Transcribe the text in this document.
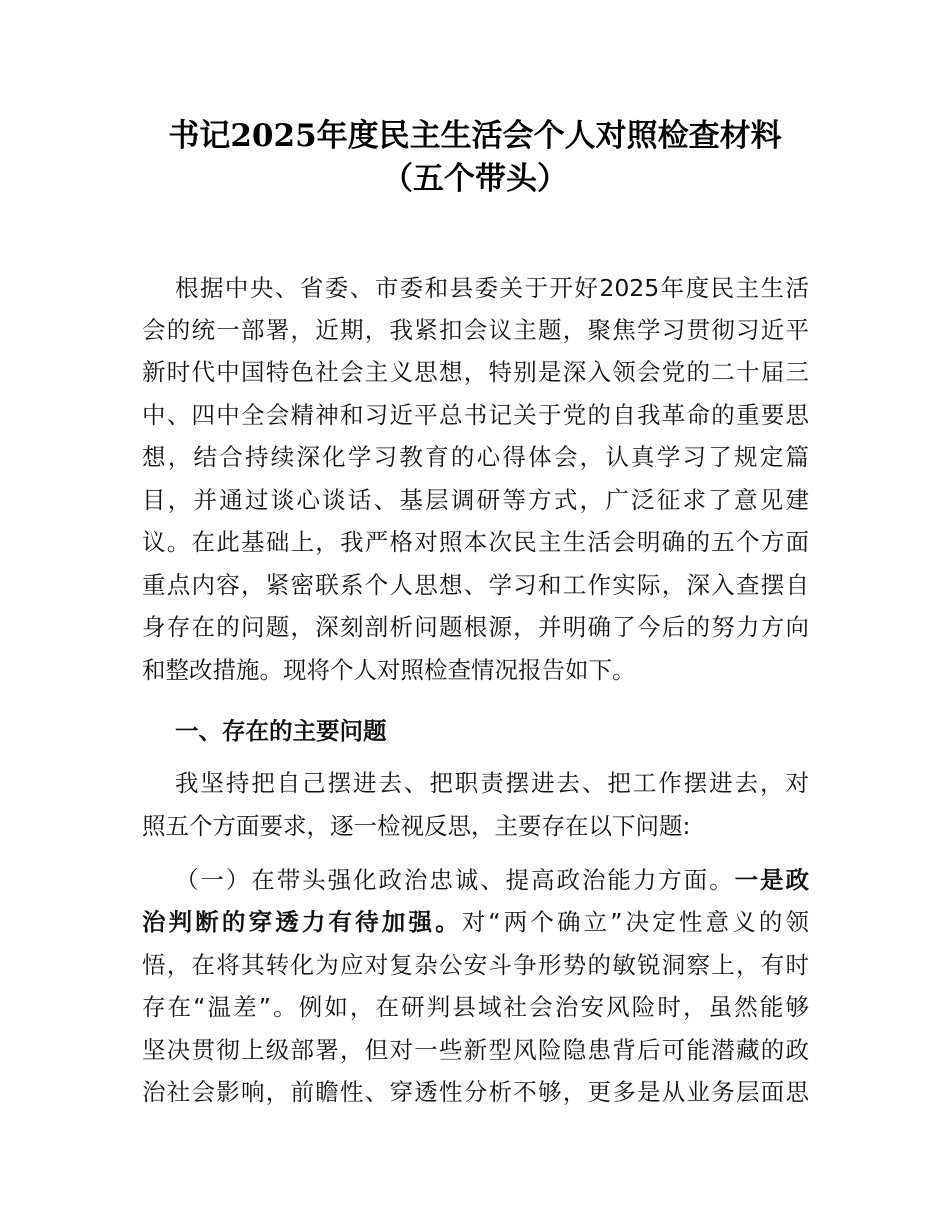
书记2025年度民主生活会个人对照检查材料
（五个带头）
根据中央、省委、市委和县委关于开好2025年度民主生活
会的统一部署，近期，我紧扣会议主题，聚焦学习贯彻习近平
新时代中国特色社会主义思想，特别是深入领会党的二十届三
中、四中全会精神和习近平总书记关于党的自我革命的重要思
想，结合持续深化学习教育的心得体会，认真学习了规定篇
目，并通过谈心谈话、基层调研等方式，广泛征求了意见建
议。在此基础上，我严格对照本次民主生活会明确的五个方面
重点内容，紧密联系个人思想、学习和工作实际，深入查摆自
身存在的问题，深刻剖析问题根源，并明确了今后的努力方向
和整改措施。现将个人对照检查情况报告如下。
一、存在的主要问题
我坚持把自己摆进去、把职责摆进去、把工作摆进去，对
照五个方面要求，逐一检视反思，主要存在以下问题:
（一）在带头强化政治忠诚、提高政治能力方面。一是政
治判断的穿透力有待加强。对“两个确立”决定性意义的领
悟，在将其转化为应对复杂公安斗争形势的敏锐洞察上，有时
存在“温差”。例如，在研判县域社会治安风险时，虽然能够
坚决贯彻上级部署，但对一些新型风险隐患背后可能潜藏的政
治社会影响，前瞻性、穿透性分析不够，更多是从业务层面思
